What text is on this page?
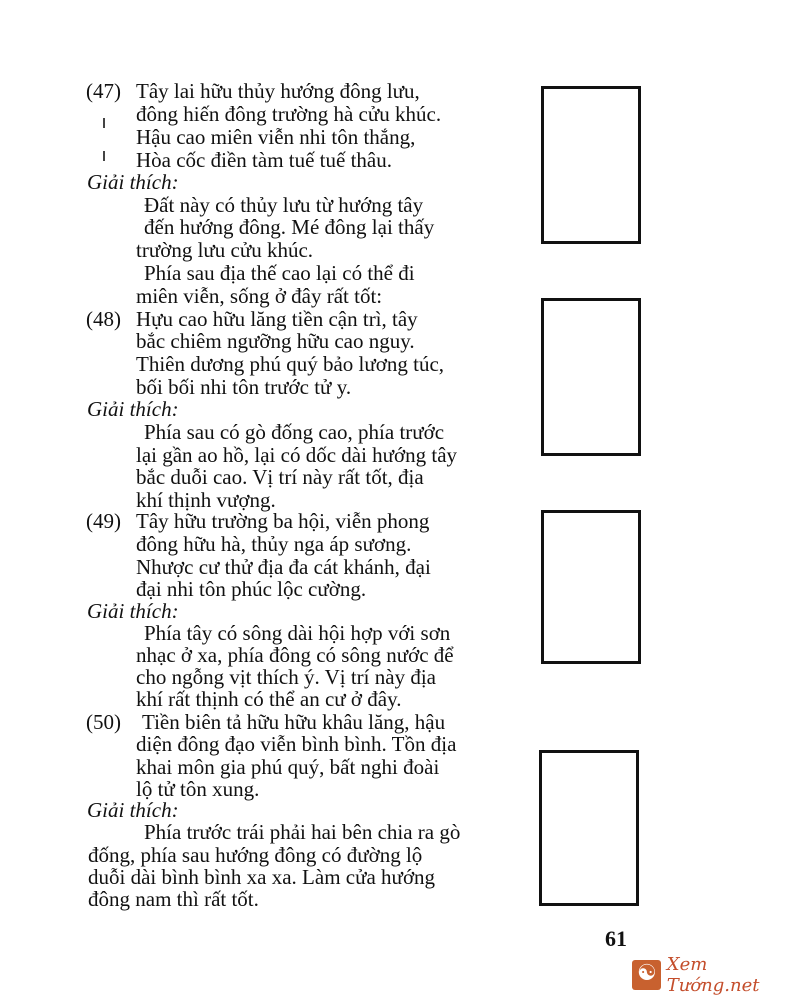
(47) Tây lai hữu thủy hướng đông lưu,
đông hiến đông trường hà cửu khúc.
Hậu cao miên viễn nhi tôn thắng,
Hòa cốc điền tàm tuế tuế thâu.
Giải thích:
Đất này có thủy lưu từ hướng tây
đến hướng đông. Mé đông lại thấy
trường lưu cửu khúc.
Phía sau địa thế cao lại có thể đi
miên viễn, sống ở đây rất tốt:
(48) Hựu cao hữu lăng tiền cận trì, tây
bắc chiêm ngưỡng hữu cao nguy.
Thiên dương phú quý bảo lương túc,
bối bối nhi tôn trước tử y.
Giải thích:
Phía sau có gò đống cao, phía trước
lại gần ao hồ, lại có dốc dài hướng tây
bắc duỗi cao. Vị trí này rất tốt, địa
khí thịnh vượng.
(49) Tây hữu trường ba hội, viễn phong
đông hữu hà, thủy nga áp sương.
Nhược cư thử địa đa cát khánh, đại
đại nhi tôn phúc lộc cường.
Giải thích:
Phía tây có sông dài hội hợp với sơn
nhạc ở xa, phía đông có sông nước để
cho ngỗng vịt thích ý. Vị trí này địa
khí rất thịnh có thể an cư ở đây.
(50) Tiền biên tả hữu hữu khâu lăng, hậu
diện đông đạo viễn bình bình. Tồn địa
khai môn gia phú quý, bất nghi đoài
lộ tử tôn xung.
Giải thích:
Phía trước trái phải hai bên chia ra gò
đống, phía sau hướng đông có đường lộ
duỗi dài bình bình xa xa. Làm cửa hướng
đông nam thì rất tốt.
61
☯
Xem Tướng.net
